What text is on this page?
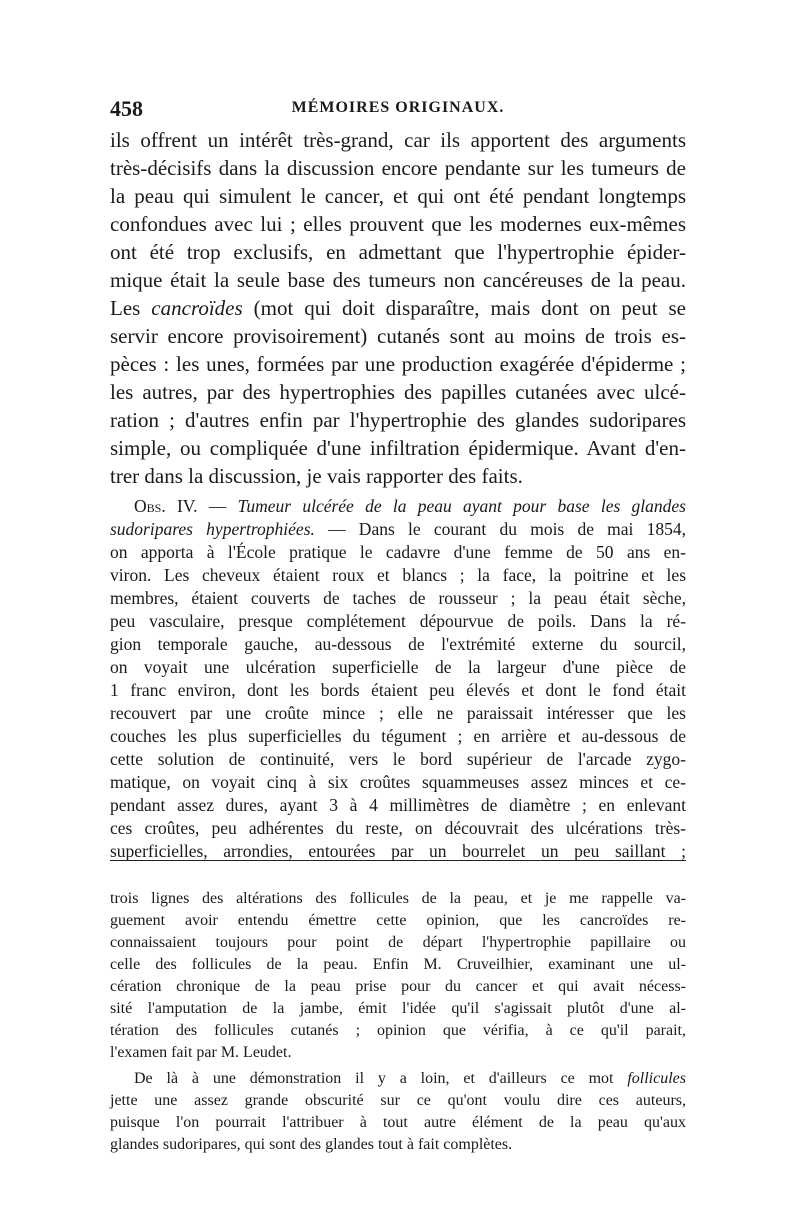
458	MÉMOIRES ORIGINAUX.
ils offrent un intérêt très-grand, car ils apportent des arguments
très-décisifs dans la discussion encore pendante sur les tumeurs de
la peau qui simulent le cancer, et qui ont été pendant longtemps
confondues avec lui ; elles prouvent que les modernes eux-mêmes
ont été trop exclusifs, en admettant que l'hypertrophie épider-
mique était la seule base des tumeurs non cancéreuses de la peau.
Les cancroïdes (mot qui doit disparaître, mais dont on peut se
servir encore provisoirement) cutanés sont au moins de trois es-
pèces : les unes, formées par une production exagérée d'épiderme ;
les autres, par des hypertrophies des papilles cutanées avec ulcé-
ration ; d'autres enfin par l'hypertrophie des glandes sudoripares
simple, ou compliquée d'une infiltration épidermique. Avant d'en-
trer dans la discussion, je vais rapporter des faits.
Obs. IV. — Tumeur ulcérée de la peau ayant pour base les glandes
sudoripares hypertrophiées. — Dans le courant du mois de mai 1854,
on apporta à l'École pratique le cadavre d'une femme de 50 ans en-
viron. Les cheveux étaient roux et blancs ; la face, la poitrine et les
membres, étaient couverts de taches de rousseur ; la peau était sèche,
peu vasculaire, presque complétement dépourvue de poils. Dans la ré-
gion temporale gauche, au-dessous de l'extrémité externe du sourcil,
on voyait une ulcération superficielle de la largeur d'une pièce de
1 franc environ, dont les bords étaient peu élevés et dont le fond était
recouvert par une croûte mince ; elle ne paraissait intéresser que les
couches les plus superficielles du tégument ; en arrière et au-dessous de
cette solution de continuité, vers le bord supérieur de l'arcade zygo-
matique, on voyait cinq à six croûtes squammeuses assez minces et ce-
pendant assez dures, ayant 3 à 4 millimètres de diamètre ; en enlevant
ces croûtes, peu adhérentes du reste, on découvrait des ulcérations très-
superficielles, arrondies, entourées par un bourrelet un peu saillant ;
trois lignes des altérations des follicules de la peau, et je me rappelle va-
guement avoir entendu émettre cette opinion, que les cancroïdes re-
connaissaient toujours pour point de départ l'hypertrophie papillaire ou
celle des follicules de la peau. Enfin M. Cruveilhier, examinant une ul-
cération chronique de la peau prise pour du cancer et qui avait nécess-
sité l'amputation de la jambe, émit l'idée qu'il s'agissait plutôt d'une al-
tération des follicules cutanés ; opinion que vérifia, à ce qu'il parait,
l'examen fait par M. Leudet.
De là à une démonstration il y a loin, et d'ailleurs ce mot follicules
jette une assez grande obscurité sur ce qu'ont voulu dire ces auteurs,
puisque l'on pourrait l'attribuer à tout autre élément de la peau qu'aux
glandes sudoripares, qui sont des glandes tout à fait complètes.
